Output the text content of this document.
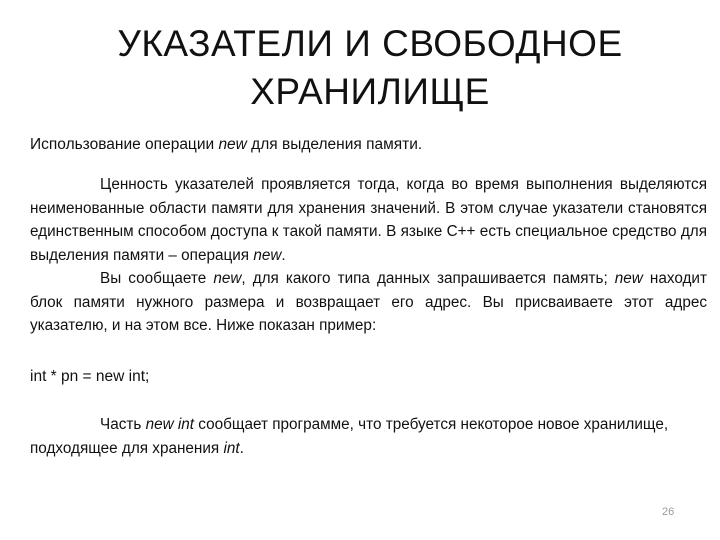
УКАЗАТЕЛИ И СВОБОДНОЕ
ХРАНИЛИЩЕ

Использование операции new для выделения памяти.

Ценность указателей проявляется тогда, когда во время выполнения выделяются неименованные области памяти для хранения значений. В этом случае указатели становятся единственным способом доступа к такой памяти. В языке С++ есть специальное средство для выделения памяти – операция new.

Вы сообщаете new, для какого типа данных запрашивается память; new находит блок памяти нужного размера и возвращает его адрес. Вы присваиваете этот адрес указателю, и на этом все. Ниже показан пример:

int * pn = new int;

Часть new int сообщает программе, что требуется некоторое новое хранилище, подходящее для хранения int.

26
